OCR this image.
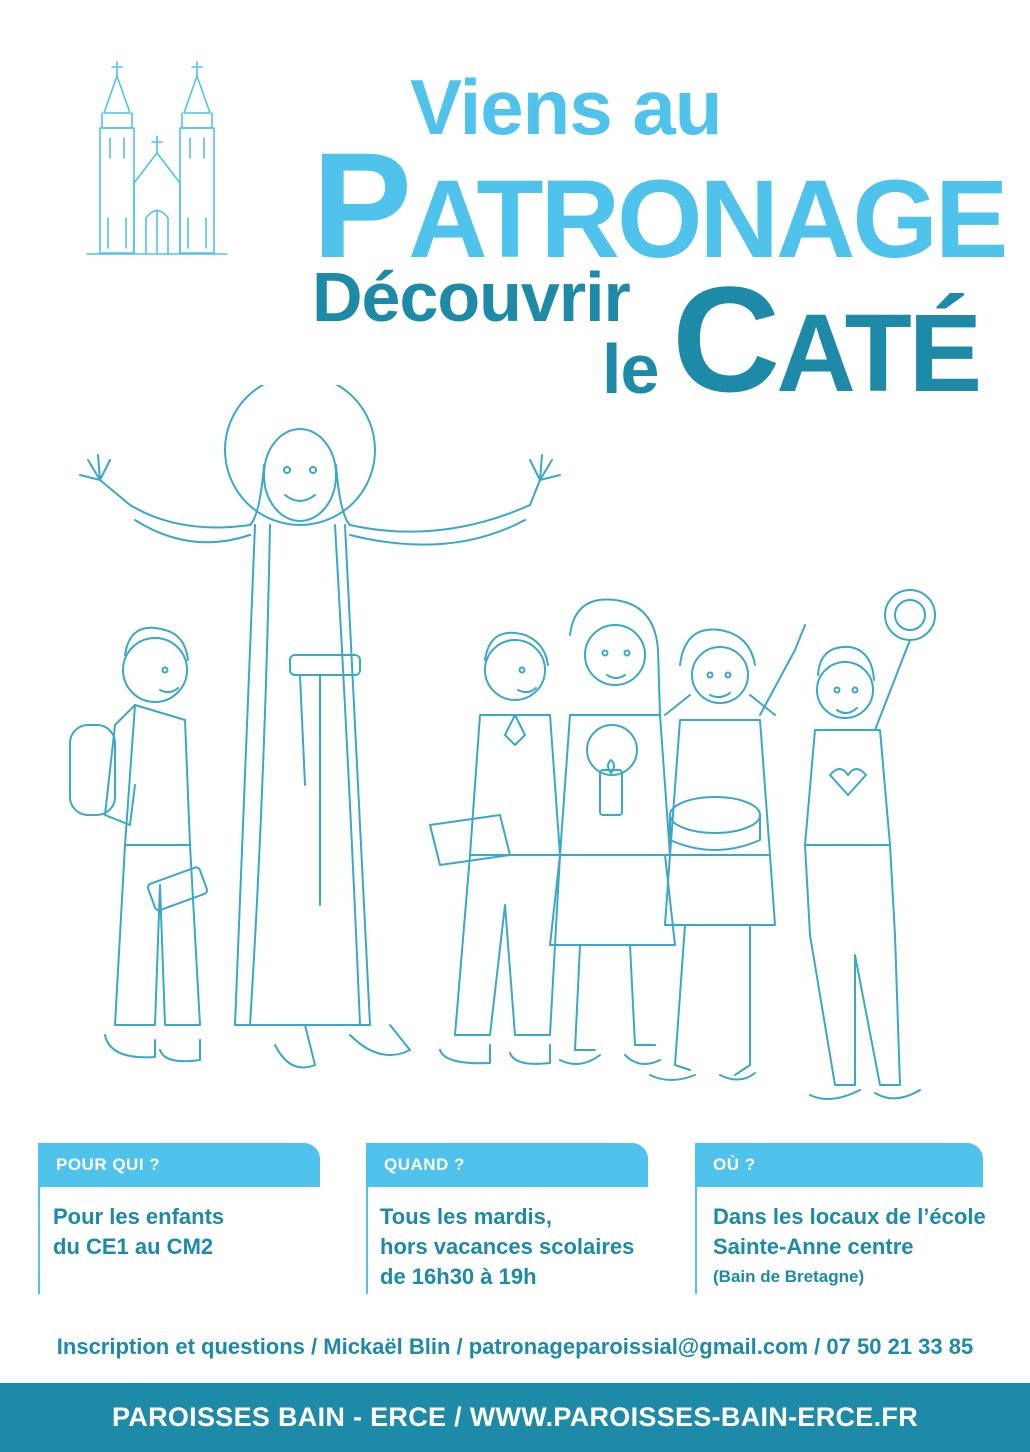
Viens au
PATRONAGE
Découvrir
le CATÉ
POUR QUI ?
Pour les enfants
du CE1 au CM2
QUAND ?
Tous les mardis,
hors vacances scolaires
de 16h30 à 19h
OÙ ?
Dans les locaux de l’école
Sainte-Anne centre
(Bain de Bretagne)
Inscription et questions / Mickaël Blin / patronageparoissial@gmail.com / 07 50 21 33 85
PAROISSES BAIN - ERCE / WWW.PAROISSES-BAIN-ERCE.FR
